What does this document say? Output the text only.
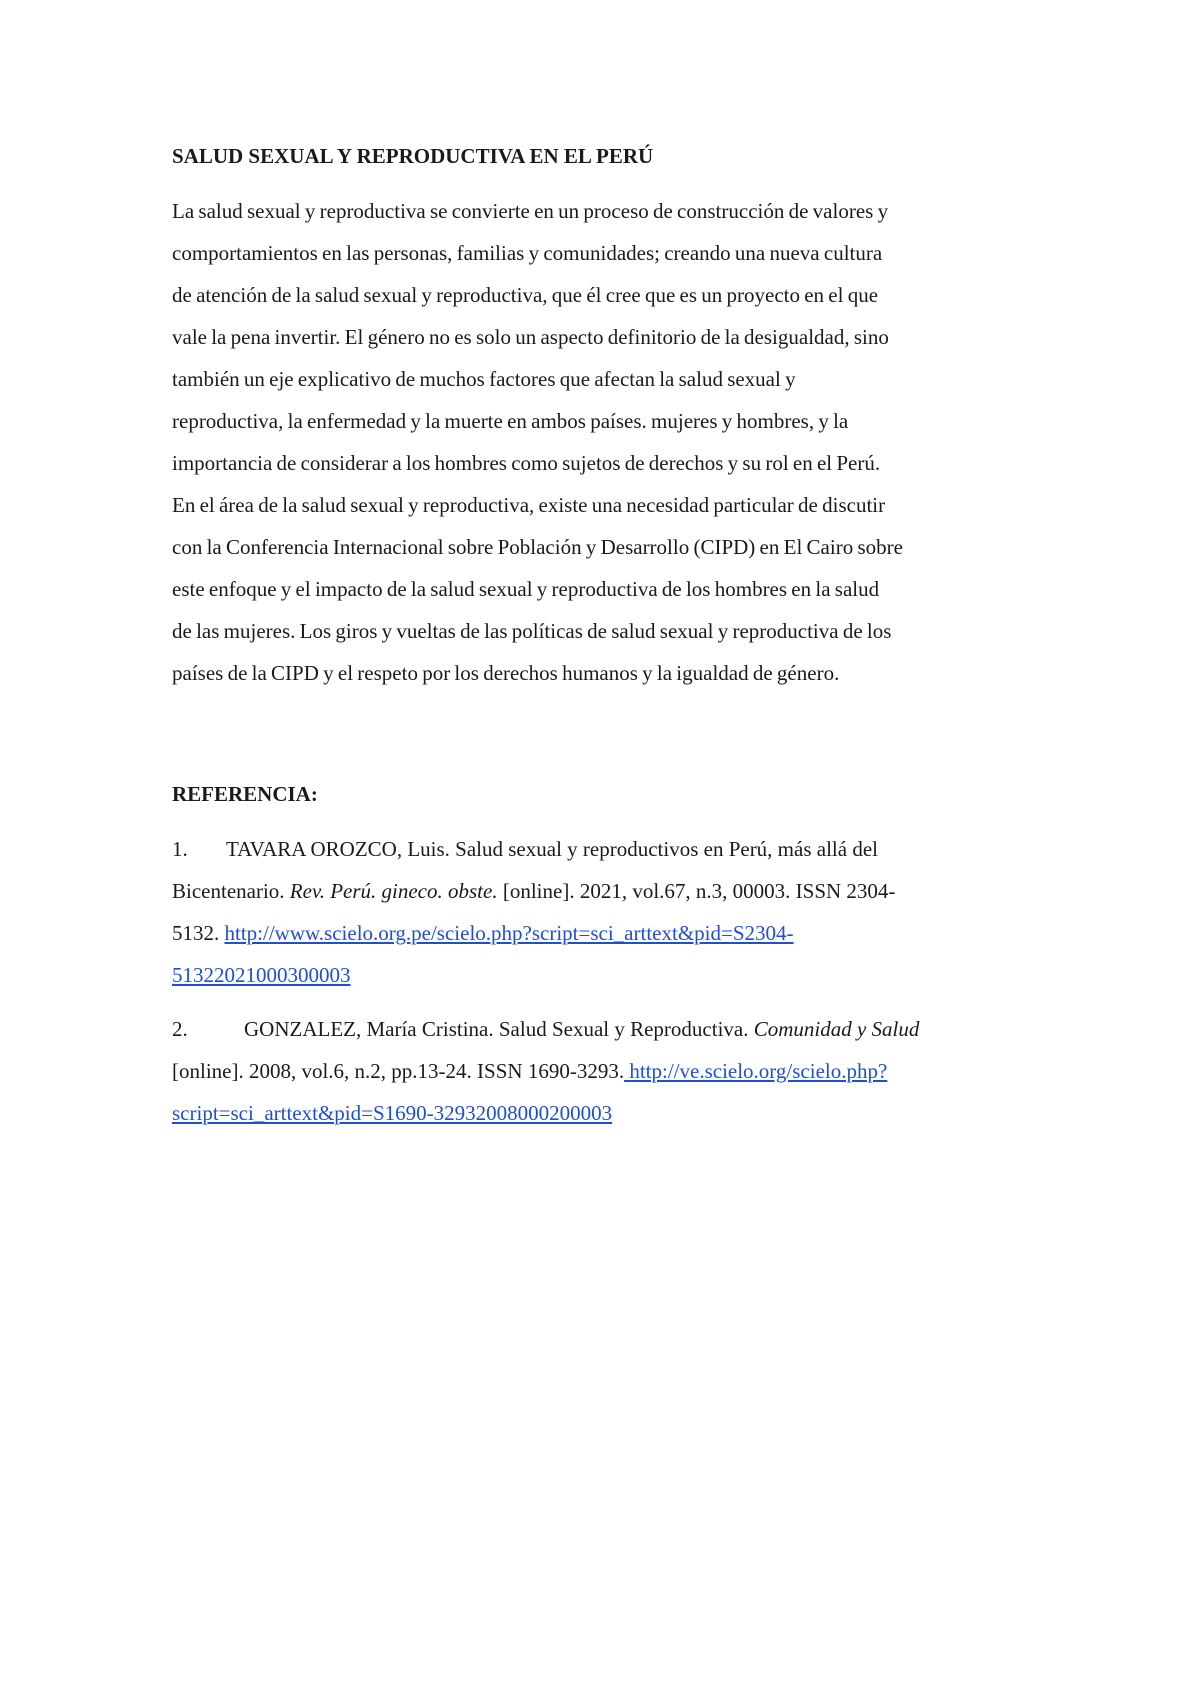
SALUD SEXUAL Y REPRODUCTIVA EN EL PERÚ

La salud sexual y reproductiva se convierte en un proceso de construcción de valores y
comportamientos en las personas, familias y comunidades; creando una nueva cultura
de atención de la salud sexual y reproductiva, que él cree que es un proyecto en el que
vale la pena invertir. El género no es solo un aspecto definitorio de la desigualdad, sino
también un eje explicativo de muchos factores que afectan la salud sexual y
reproductiva, la enfermedad y la muerte en ambos países. mujeres y hombres, y la
importancia de considerar a los hombres como sujetos de derechos y su rol en el Perú.
En el área de la salud sexual y reproductiva, existe una necesidad particular de discutir
con la Conferencia Internacional sobre Población y Desarrollo (CIPD) en El Cairo sobre
este enfoque y el impacto de la salud sexual y reproductiva de los hombres en la salud
de las mujeres. Los giros y vueltas de las políticas de salud sexual y reproductiva de los
países de la CIPD y el respeto por los derechos humanos y la igualdad de género.

REFERENCIA:

1. TAVARA OROZCO, Luis. Salud sexual y reproductivos en Perú, más allá del
Bicentenario. Rev. Perú. gineco. obste. [online]. 2021, vol.67, n.3, 00003. ISSN 2304-
5132. http://www.scielo.org.pe/scielo.php?script=sci_arttext&pid=S2304-
51322021000300003

2.	GONZALEZ, María Cristina. Salud Sexual y Reproductiva. Comunidad y Salud
[online]. 2008, vol.6, n.2, pp.13-24. ISSN 1690-3293. http://ve.scielo.org/scielo.php?
script=sci_arttext&pid=S1690-32932008000200003
